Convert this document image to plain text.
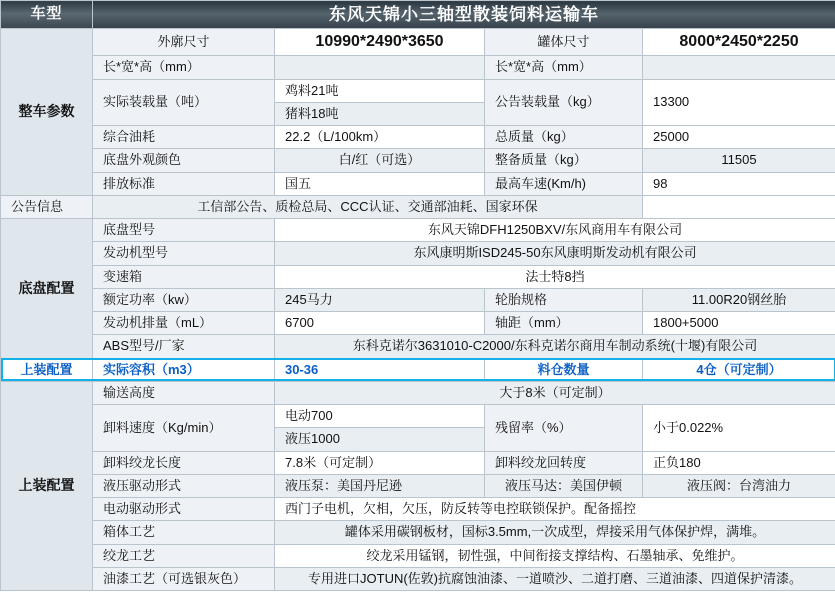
车型	东风天锦小三轴型散装饲料运输车			
整车参数	外廓尺寸	10990*2490*3650	罐体尺寸	8000*2450*2250
	长*宽*高（mm）		长*宽*高（mm）	
	实际装载量（吨）	鸡料21吨	公告装载量（kg）	13300
		猪料18吨		
	综合油耗	22.2（L/100km）	总质量（kg）	25000
	底盘外观颜色	白/红（可选）	整备质量（kg）	11505
	排放标准	国五	最高车速(Km/h)	98
公告信息	工信部公告、质检总局、CCC认证、交通部油耗、国家环保			
底盘配置	底盘型号	东风天锦DFH1250BXV/东风商用车有限公司		
	发动机型号	东风康明斯ISD245-50东风康明斯发动机有限公司		
	变速箱	法士特8挡		
	额定功率（kw）	245马力	轮胎规格	11.00R20钢丝胎
	发动机排量（mL）	6700	轴距（mm）	1800+5000
	ABS型号/厂家	东科克诺尔3631010-C2000/东科克诺尔商用车制动系统(十堰)有限公司		
上装配置	实际容积（m3）	30-36	料仓数量	4仓（可定制）
上装配置	输送高度	大于8米（可定制）		
	卸料速度（Kg/min）	电动700	残留率（%）	小于0.022%
		液压1000		
	卸料绞龙长度	7.8米（可定制）	卸料绞龙回转度	正负180
	液压驱动形式	液压泵：美国丹尼逊	液压马达：美国伊顿	液压阀：台湾油力
	电动驱动形式	西门子电机，欠相，欠压，防反转等电控联锁保护。配备摇控		
	箱体工艺	罐体采用碳钢板材，国标3.5mm,一次成型，焊接采用气体保护焊，满堆。		
	绞龙工艺	绞龙采用锰钢，韧性强，中间衔接支撑结构、石墨轴承、免维护。		
	油漆工艺（可选银灰色）	专用进口JOTUN(佐敦)抗腐蚀油漆、一道喷沙、二道打磨、三道油漆、四道保护清漆。		
